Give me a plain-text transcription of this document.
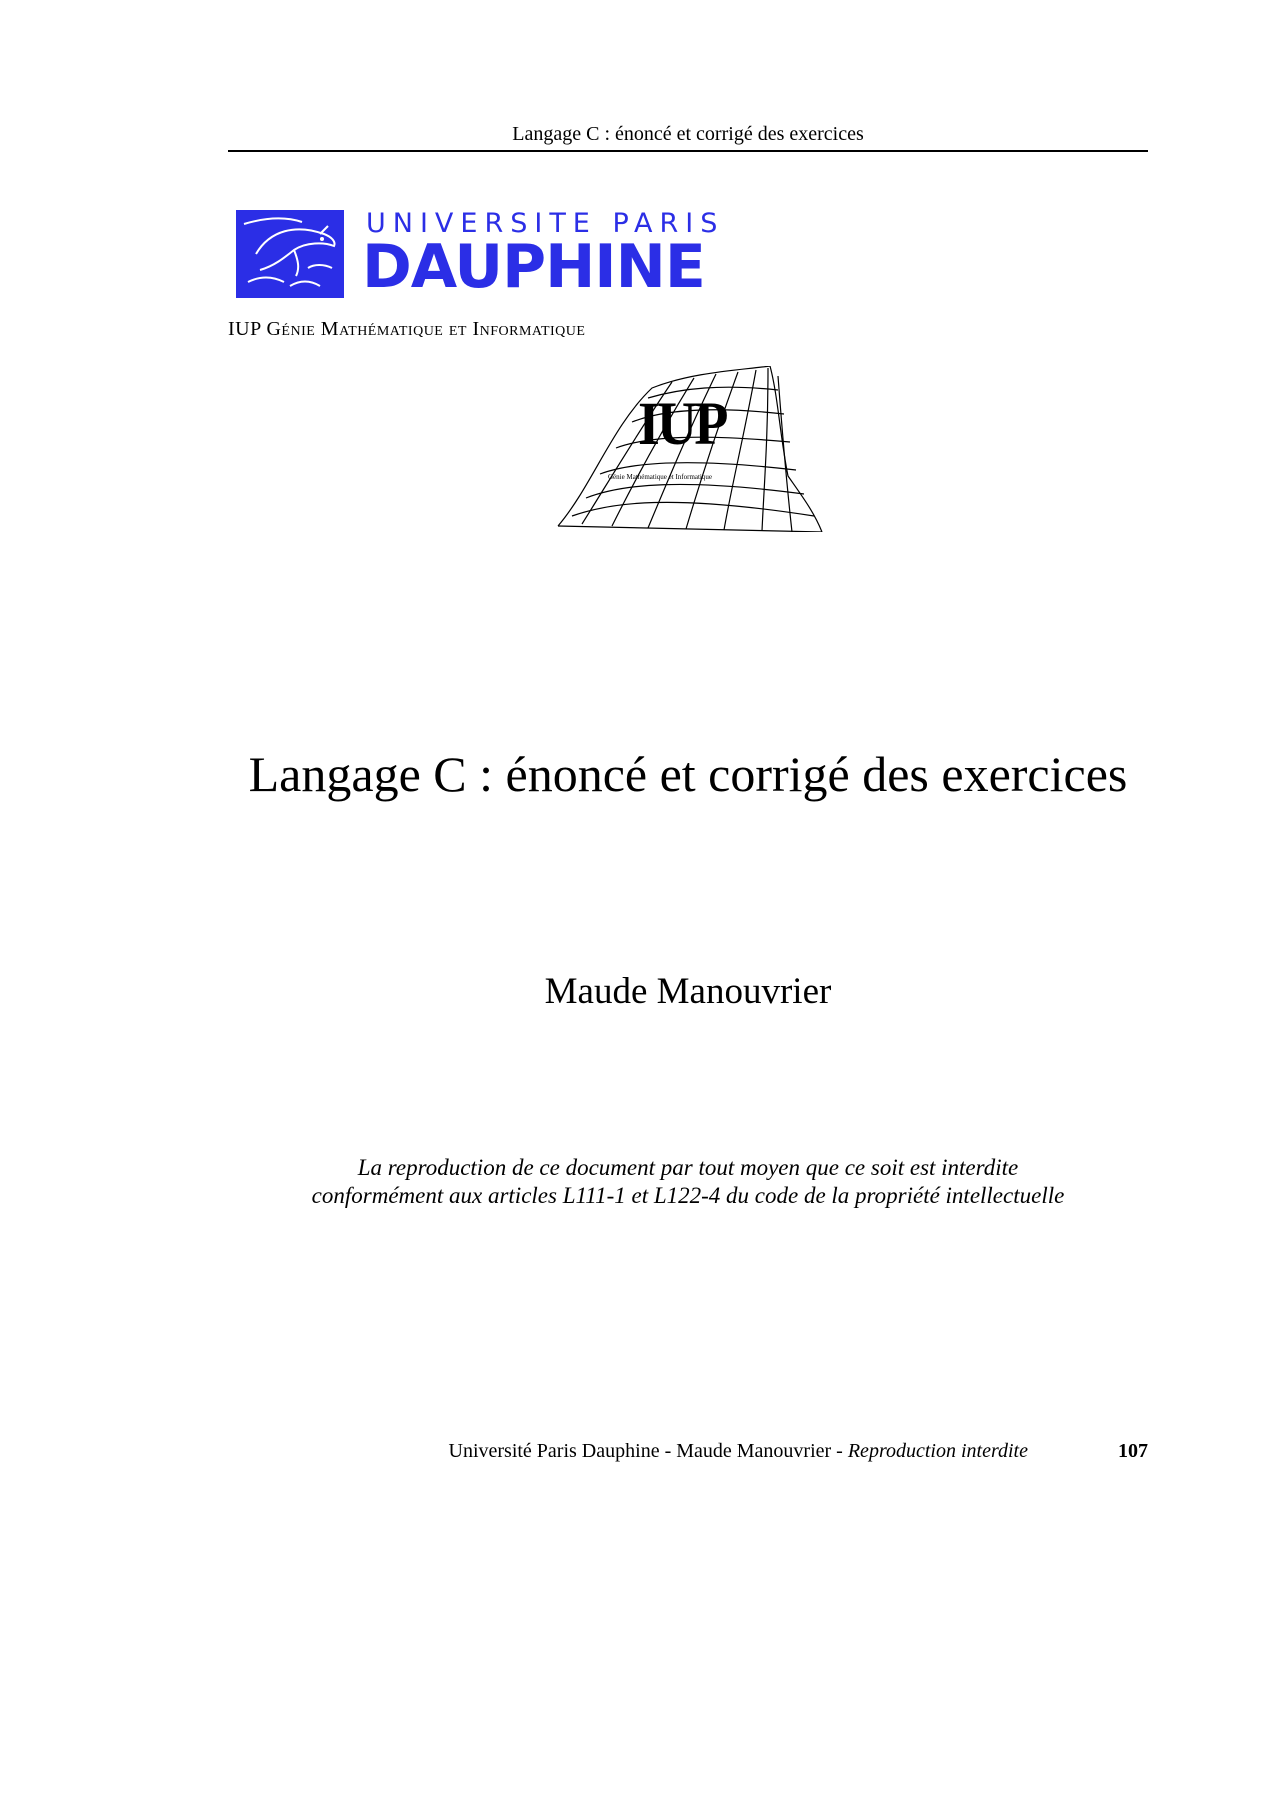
Langage C : énoncé et corrigé des exercices
UNIVERSITE PARIS
DAUPHINE
IUP Génie Mathématique et Informatique
IUP
Génie Mathématique et Informatique
Langage C : énoncé et corrigé des exercices
Maude Manouvrier
La reproduction de ce document par tout moyen que ce soit est interdite
conformément aux articles L111-1 et L122-4 du code de la propriété intellectuelle
Université Paris Dauphine - Maude Manouvrier - Reproduction interdite	107
